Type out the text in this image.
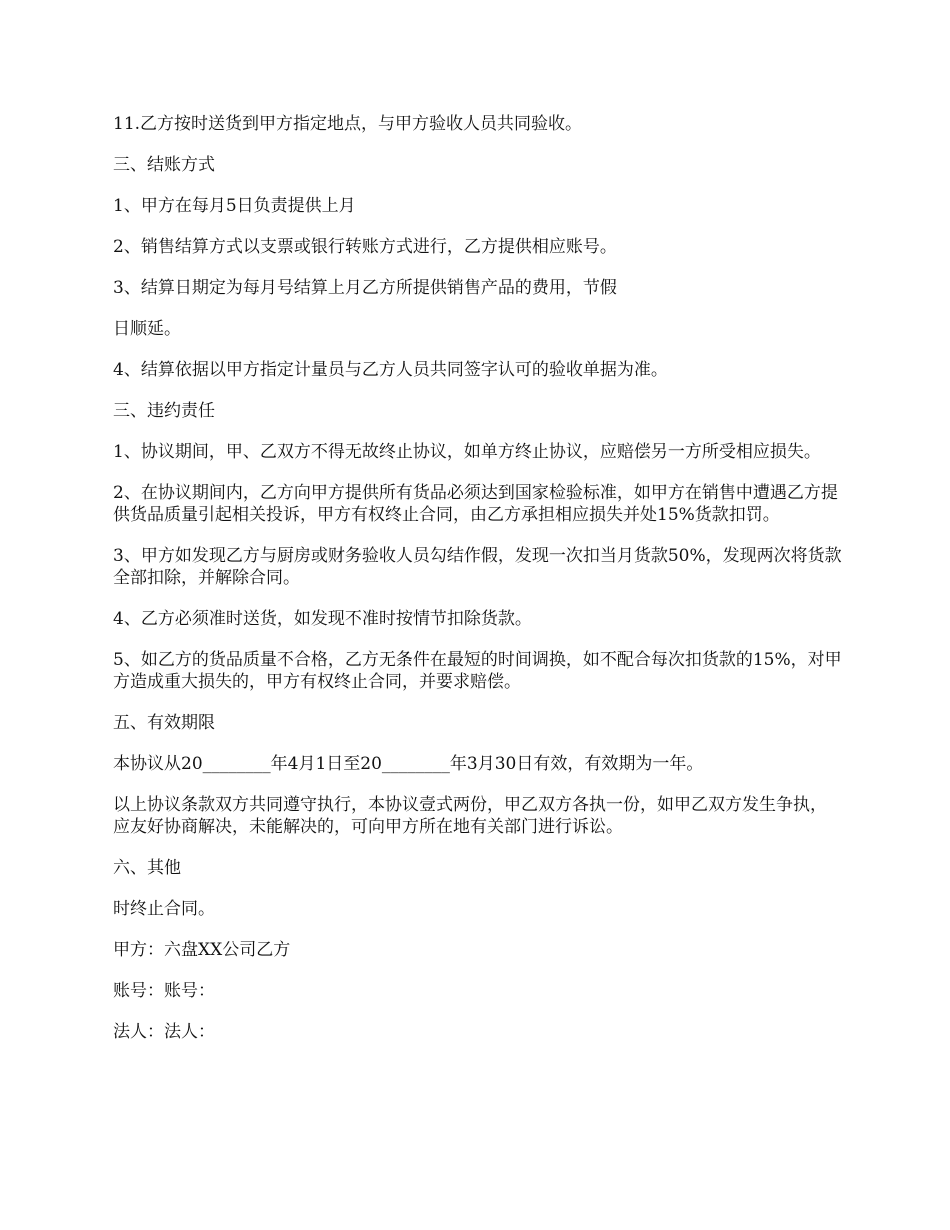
11.乙方按时送货到甲方指定地点，与甲方验收人员共同验收。

三、结账方式

1、甲方在每月5日负责提供上月

2、销售结算方式以支票或银行转账方式进行，乙方提供相应账号。

3、结算日期定为每月号结算上月乙方所提供销售产品的费用，节假

日顺延。

4、结算依据以甲方指定计量员与乙方人员共同签字认可的验收单据为准。

三、违约责任

1、协议期间，甲、乙双方不得无故终止协议，如单方终止协议，应赔偿另一方所受相应损失。

2、在协议期间内，乙方向甲方提供所有货品必须达到国家检验标准，如甲方在销售中遭遇乙方提供货品质量引起相关投诉，甲方有权终止合同，由乙方承担相应损失并处15%货款扣罚。

3、甲方如发现乙方与厨房或财务验收人员勾结作假，发现一次扣当月货款50%，发现两次将货款全部扣除，并解除合同。

4、乙方必须准时送货，如发现不准时按情节扣除货款。

5、如乙方的货品质量不合格，乙方无条件在最短的时间调换，如不配合每次扣货款的15%，对甲方造成重大损失的，甲方有权终止合同，并要求赔偿。

五、有效期限

本协议从20________年4月1日至20________年3月30日有效，有效期为一年。

以上协议条款双方共同遵守执行，本协议壹式两份，甲乙双方各执一份，如甲乙双方发生争执，应友好协商解决，未能解决的，可向甲方所在地有关部门进行诉讼。

六、其他

时终止合同。

甲方：六盘XX公司乙方

账号：账号：

法人：法人：
